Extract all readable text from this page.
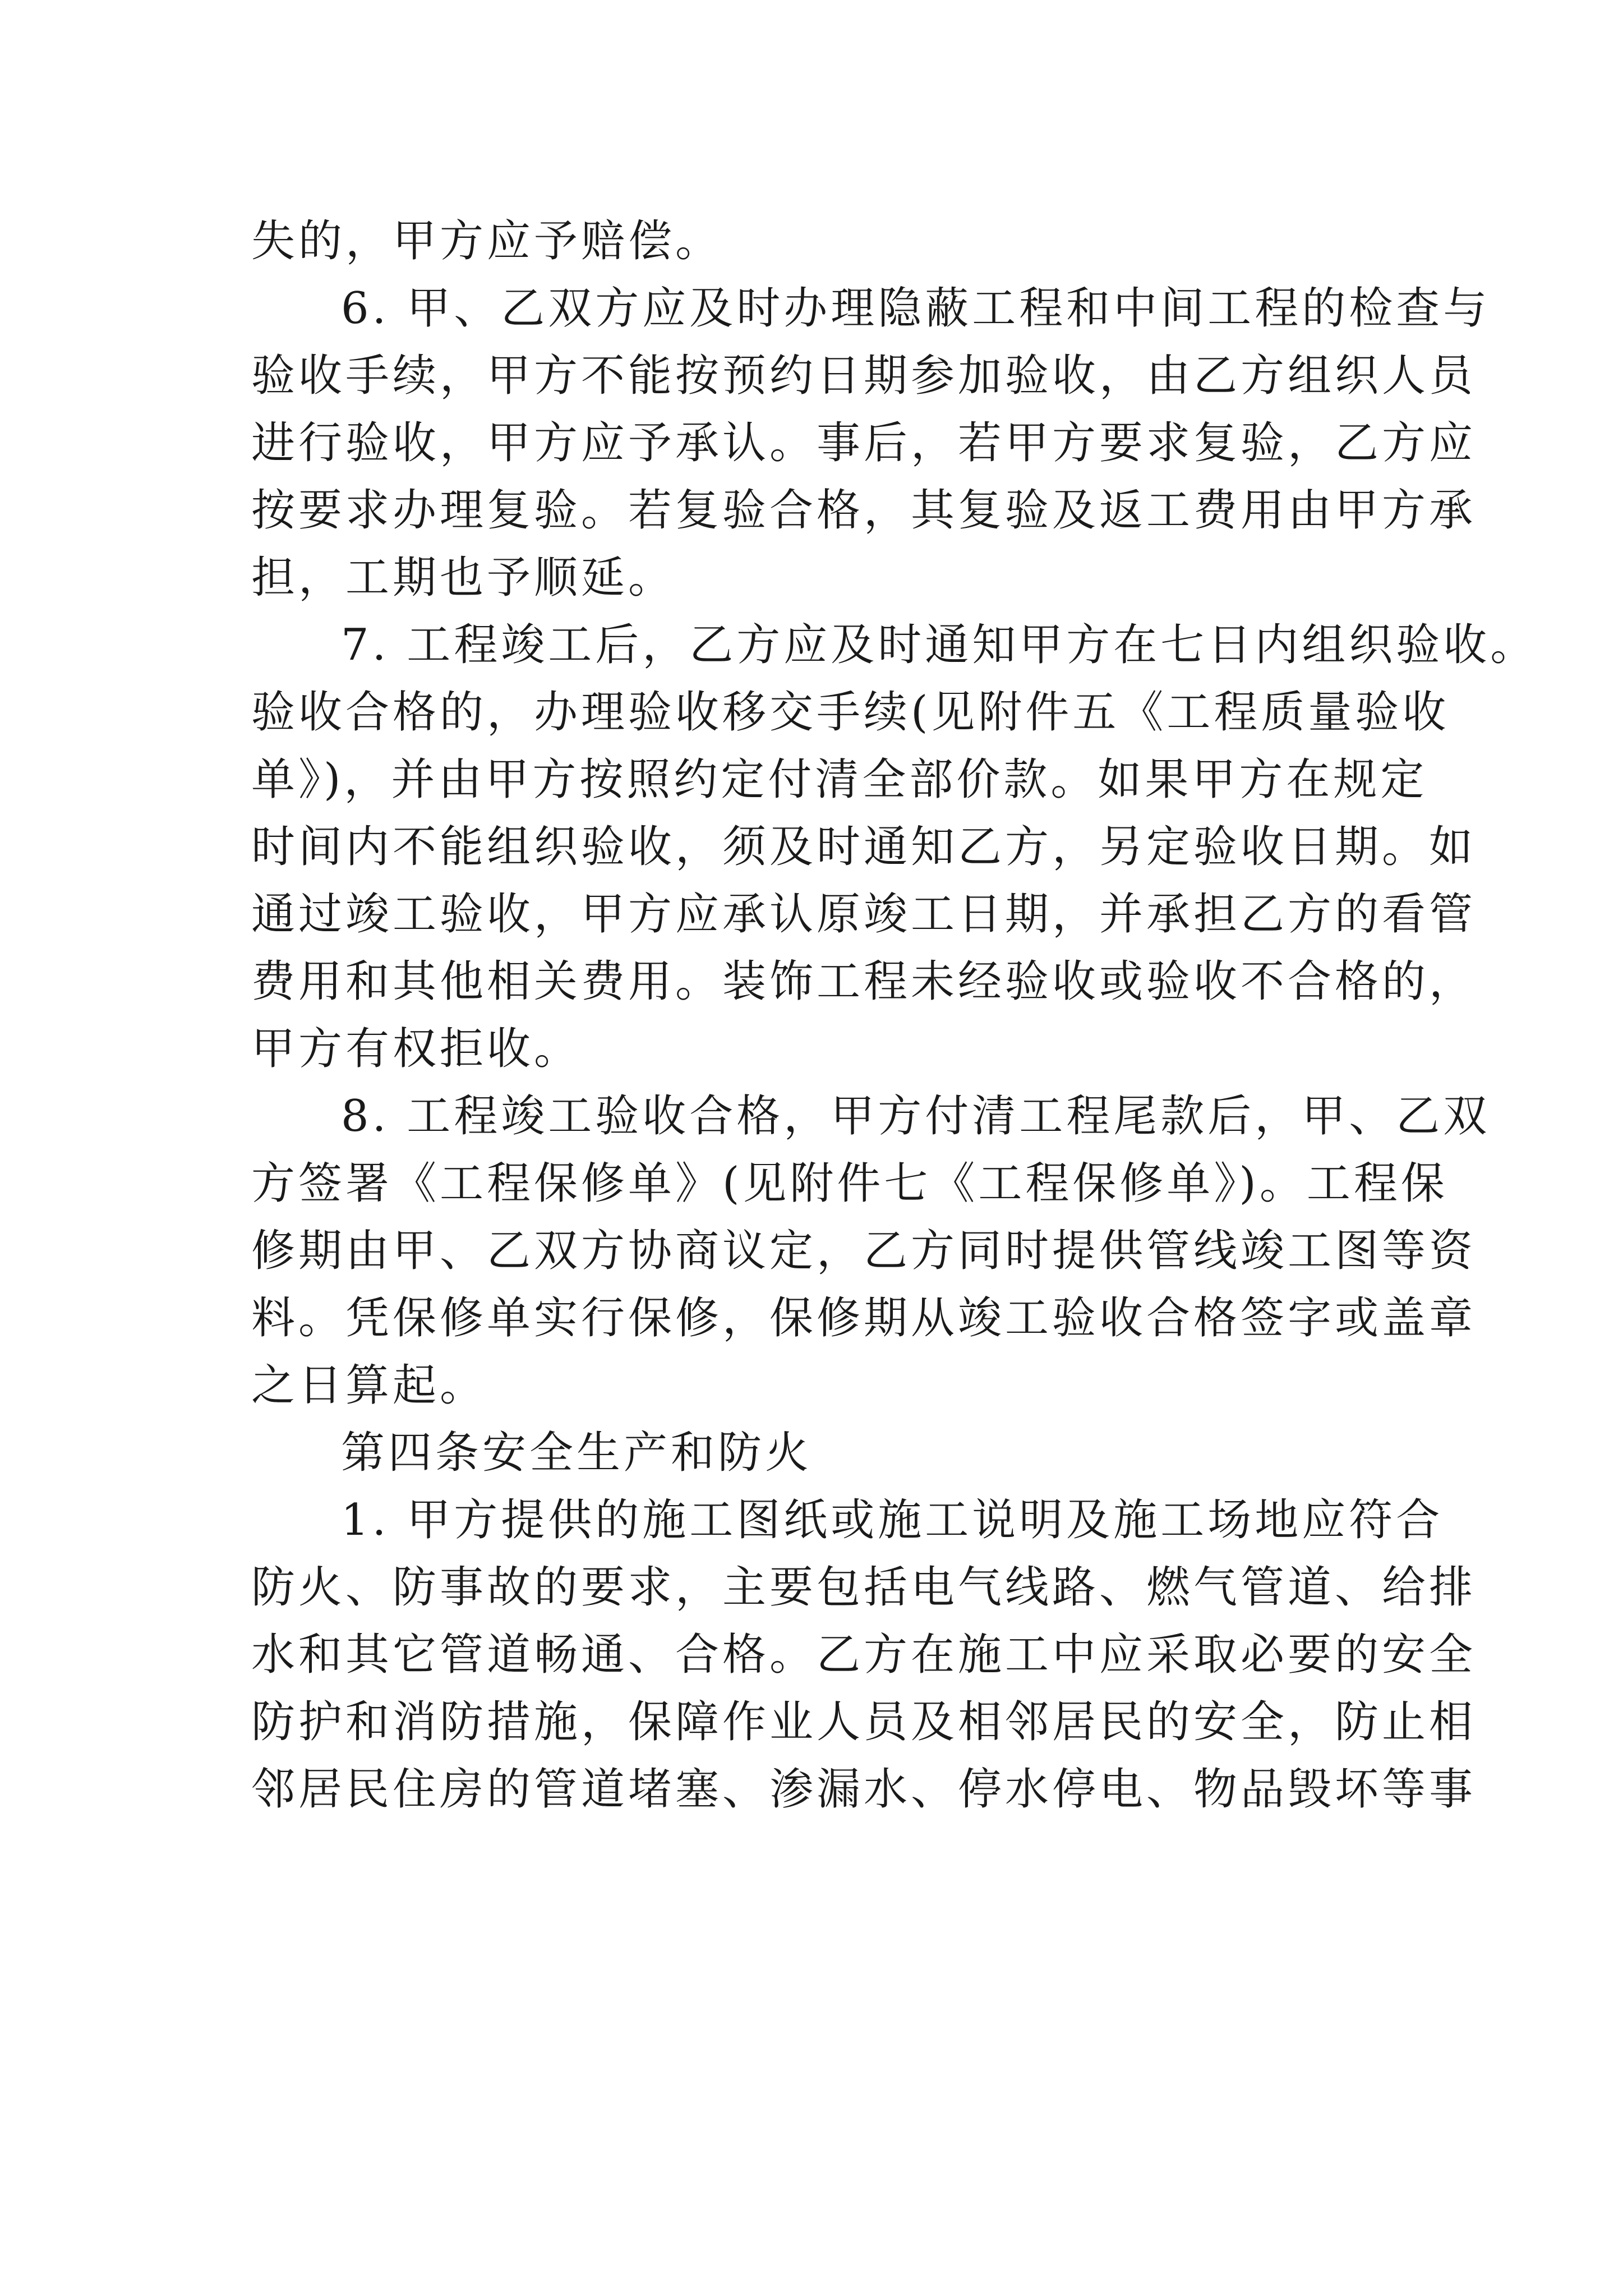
失的，甲方应予赔偿。
6. 甲、乙双方应及时办理隐蔽工程和中间工程的检查与
验收手续，甲方不能按预约日期参加验收，由乙方组织人员
进行验收，甲方应予承认。事后，若甲方要求复验，乙方应
按要求办理复验。若复验合格，其复验及返工费用由甲方承
担，工期也予顺延。
7. 工程竣工后，乙方应及时通知甲方在七日内组织验收。
验收合格的，办理验收移交手续(见附件五《工程质量验收
单》)，并由甲方按照约定付清全部价款。如果甲方在规定
时间内不能组织验收，须及时通知乙方，另定验收日期。如
通过竣工验收，甲方应承认原竣工日期，并承担乙方的看管
费用和其他相关费用。装饰工程未经验收或验收不合格的，
甲方有权拒收。
8. 工程竣工验收合格，甲方付清工程尾款后，甲、乙双
方签署《工程保修单》(见附件七《工程保修单》)。工程保
修期由甲、乙双方协商议定，乙方同时提供管线竣工图等资
料。凭保修单实行保修，保修期从竣工验收合格签字或盖章
之日算起。
第四条安全生产和防火
1. 甲方提供的施工图纸或施工说明及施工场地应符合
防火、防事故的要求，主要包括电气线路、燃气管道、给排
水和其它管道畅通、合格。乙方在施工中应采取必要的安全
防护和消防措施，保障作业人员及相邻居民的安全，防止相
邻居民住房的管道堵塞、渗漏水、停水停电、物品毁坏等事
